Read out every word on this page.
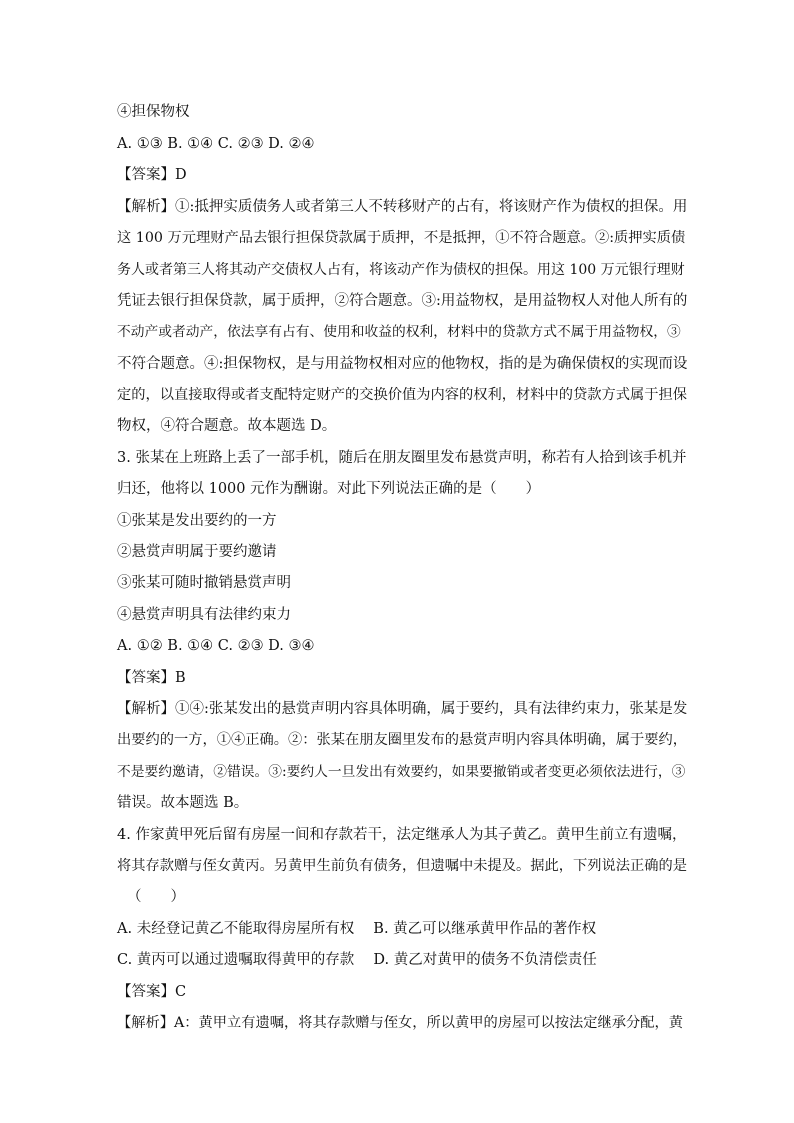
④担保物权
A. ①③ B. ①④ C. ②③ D. ②④
【答案】D
【解析】①:抵押实质债务人或者第三人不转移财产的占有，将该财产作为债权的担保。用
这 100 万元理财产品去银行担保贷款属于质押，不是抵押，①不符合题意。②:质押实质债
务人或者第三人将其动产交债权人占有，将该动产作为债权的担保。用这 100 万元银行理财
凭证去银行担保贷款，属于质押，②符合题意。③:用益物权，是用益物权人对他人所有的
不动产或者动产，依法享有占有、使用和收益的权利，材料中的贷款方式不属于用益物权，③
不符合题意。④:担保物权，是与用益物权相对应的他物权，指的是为确保债权的实现而设
定的，以直接取得或者支配特定财产的交换价值为内容的权利，材料中的贷款方式属于担保
物权，④符合题意。故本题选 D。
3. 张某在上班路上丢了一部手机，随后在朋友圈里发布悬赏声明，称若有人拾到该手机并
归还，他将以 1000 元作为酬谢。对此下列说法正确的是（　　）
①张某是发出要约的一方
②悬赏声明属于要约邀请
③张某可随时撤销悬赏声明
④悬赏声明具有法律约束力
A. ①② B. ①④ C. ②③ D. ③④
【答案】B
【解析】①④:张某发出的悬赏声明内容具体明确，属于要约，具有法律约束力，张某是发
出要约的一方，①④正确。②：张某在朋友圈里发布的悬赏声明内容具体明确，属于要约，
不是要约邀请，②错误。③:要约人一旦发出有效要约，如果要撤销或者变更必须依法进行，③
错误。故本题选 B。
4. 作家黄甲死后留有房屋一间和存款若干，法定继承人为其子黄乙。黄甲生前立有遗嘱，
将其存款赠与侄女黄丙。另黄甲生前负有债务，但遗嘱中未提及。据此，下列说法正确的是
（　　）
A. 未经登记黄乙不能取得房屋所有权　 B. 黄乙可以继承黄甲作品的著作权
C. 黄丙可以通过遗嘱取得黄甲的存款　 D. 黄乙对黄甲的债务不负清偿责任
【答案】C
【解析】A：黄甲立有遗嘱，将其存款赠与侄女，所以黄甲的房屋可以按法定继承分配，黄
